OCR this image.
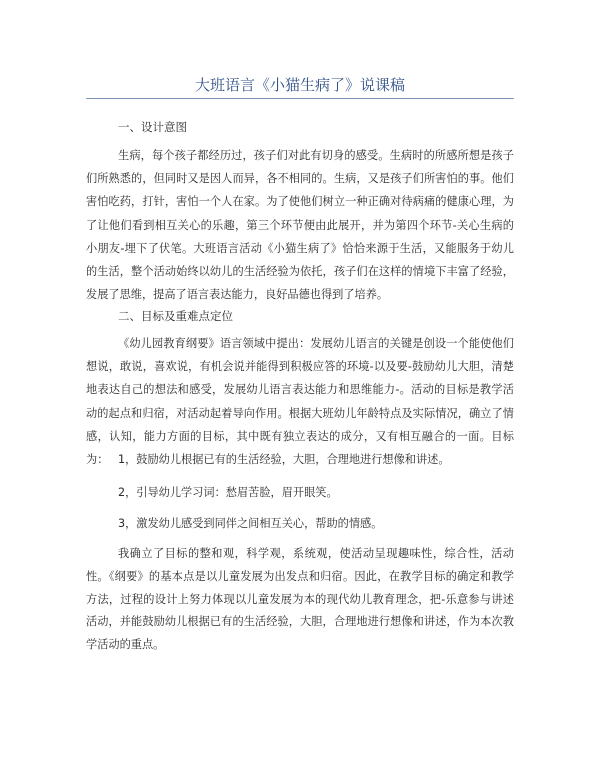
大班语言《小猫生病了》说课稿
一、设计意图
生病，每个孩子都经历过，孩子们对此有切身的感受。生病时的所感所想是孩子们所熟悉的，但同时又是因人而异，各不相同的。生病，又是孩子们所害怕的事。他们害怕吃药，打针，害怕一个人在家。为了使他们树立一种正确对待病痛的健康心理，为了让他们看到相互关心的乐趣，第三个环节便由此展开，并为第四个环节-关心生病的小朋友-埋下了伏笔。大班语言活动《小猫生病了》恰恰来源于生活，又能服务于幼儿的生活，整个活动始终以幼儿的生活经验为依托，孩子们在这样的情境下丰富了经验，发展了思维，提高了语言表达能力，良好品德也得到了培养。
二、目标及重难点定位
《幼儿园教育纲要》语言领域中提出：发展幼儿语言的关键是创设一个能使他们想说，敢说，喜欢说，有机会说并能得到积极应答的环境-以及要-鼓励幼儿大胆，清楚地表达自己的想法和感受，发展幼儿语言表达能力和思维能力-。活动的目标是教学活动的起点和归宿，对活动起着导向作用。根据大班幼儿年龄特点及实际情况，确立了情感，认知，能力方面的目标，其中既有独立表达的成分，又有相互融合的一面。目标为： 1，鼓励幼儿根据已有的生活经验，大胆，合理地进行想像和讲述。
2，引导幼儿学习词：愁眉苦脸，眉开眼笑。
3，激发幼儿感受到同伴之间相互关心，帮助的情感。
我确立了目标的整和观，科学观，系统观，使活动呈现趣味性，综合性，活动性。《纲要》的基本点是以儿童发展为出发点和归宿。因此，在教学目标的确定和教学方法，过程的设计上努力体现以儿童发展为本的现代幼儿教育理念，把-乐意参与讲述活动，并能鼓励幼儿根据已有的生活经验，大胆，合理地进行想像和讲述，作为本次教学活动的重点。
